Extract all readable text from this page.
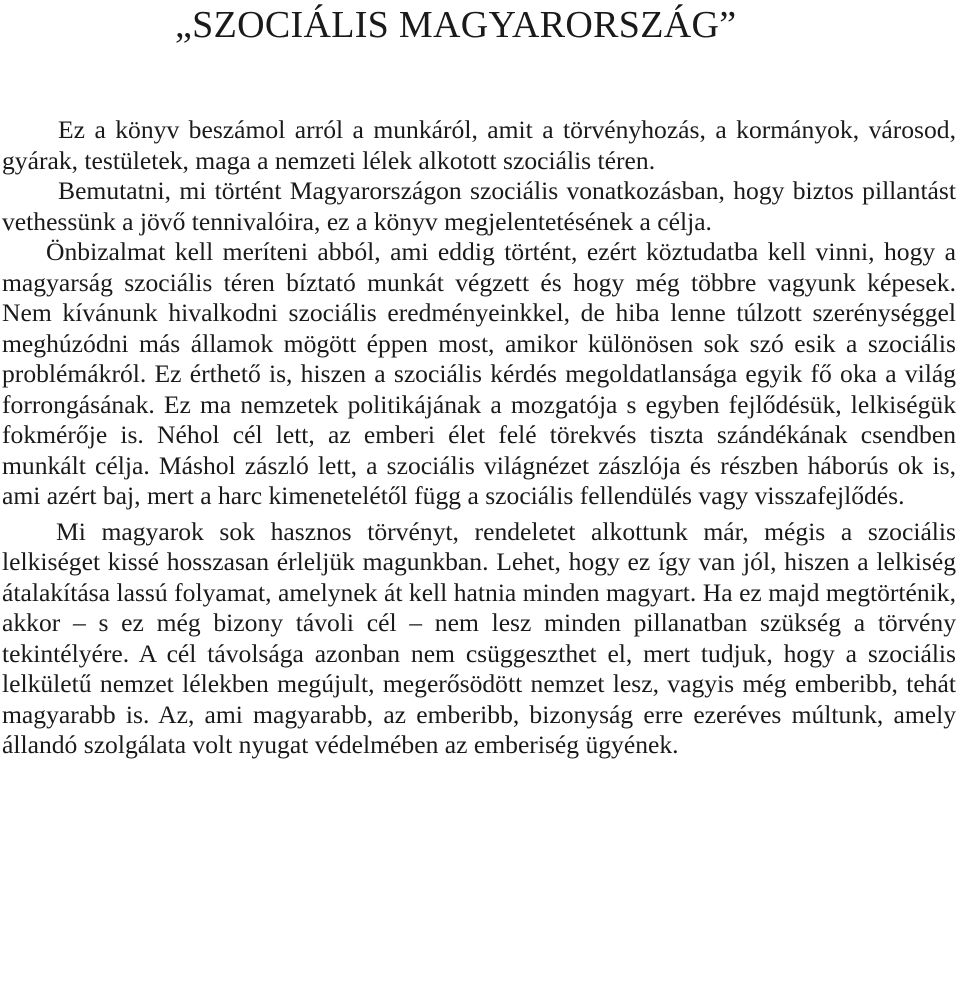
„SZOCIÁLIS MAGYARORSZÁG”

Ez a könyv beszámol arról a munkáról, amit a törvényhozás, a kormányok, városod, gyárak, testületek, maga a nemzeti lélek alkotott szociális téren.

Bemutatni, mi történt Magyarországon szociális vonatkozásban, hogy biztos pillantást vethessünk a jövő tennivalóira, ez a könyv megjelentetésének a célja.

Önbizalmat kell meríteni abból, ami eddig történt, ezért köztudatba kell vinni, hogy a magyarság szociális téren bíztató munkát végzett és hogy még többre vagyunk képesek. Nem kívánunk hivalkodni szociális eredményeinkkel, de hiba lenne túlzott szerénységgel meghúzódni más államok mögött éppen most, amikor különösen sok szó esik a szociális problémákról. Ez érthető is, hiszen a szociális kérdés megoldatlansága egyik fő oka a világ forrongásának. Ez ma nemzetek politikájának a mozgatója s egyben fejlődésük, lelkiségük fokmérője is. Néhol cél lett, az emberi élet felé törekvés tiszta szándékának csendben munkált célja. Máshol zászló lett, a szociális világnézet zászlója és részben háborús ok is, ami azért baj, mert a harc kimenetelétől függ a szociális fellendülés vagy visszafejlődés.

Mi magyarok sok hasznos törvényt, rendeletet alkottunk már, mégis a szociális lelkiséget kissé hosszasan érleljük magunkban. Lehet, hogy ez így van jól, hiszen a lelkiség átalakítása lassú folyamat, amelynek át kell hatnia minden magyart. Ha ez majd megtörténik, akkor – s ez még bizony távoli cél – nem lesz minden pillanatban szükség a törvény tekintélyére. A cél távolsága azonban nem csüggeszthet el, mert tudjuk, hogy a szociális lelkületű nemzet lélekben megújult, megerősödött nemzet lesz, vagyis még emberibb, tehát magyarabb is. Az, ami magyarabb, az emberibb, bizonyság erre ezeréves múltunk, amely állandó szolgálata volt nyugat védelmében az emberiség ügyének.
